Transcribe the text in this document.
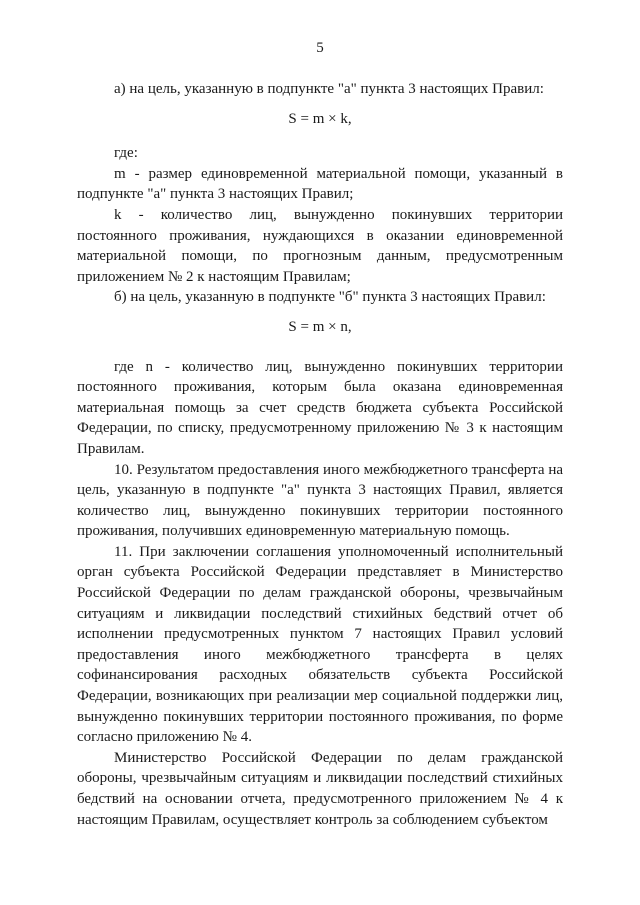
5

а) на цель, указанную в подпункте "а" пункта 3 настоящих Правил:

S = m × k,

где:

m - размер единовременной материальной помощи, указанный в подпункте "а" пункта 3 настоящих Правил;

k - количество лиц, вынужденно покинувших территории постоянного проживания, нуждающихся в оказании единовременной материальной помощи, по прогнозным данным, предусмотренным приложением № 2 к настоящим Правилам;

б) на цель, указанную в подпункте "б" пункта 3 настоящих Правил:

S = m × n,

где n - количество лиц, вынужденно покинувших территории постоянного проживания, которым была оказана единовременная материальная помощь за счет средств бюджета субъекта Российской Федерации, по списку, предусмотренному приложению № 3 к настоящим Правилам.

10. Результатом предоставления иного межбюджетного трансферта на цель, указанную в подпункте "а" пункта 3 настоящих Правил, является количество лиц, вынужденно покинувших территории постоянного проживания, получивших единовременную материальную помощь.

11. При заключении соглашения уполномоченный исполнительный орган субъекта Российской Федерации представляет в Министерство Российской Федерации по делам гражданской обороны, чрезвычайным ситуациям и ликвидации последствий стихийных бедствий отчет об исполнении предусмотренных пунктом 7 настоящих Правил условий предоставления иного межбюджетного трансферта в целях софинансирования расходных обязательств субъекта Российской Федерации, возникающих при реализации мер социальной поддержки лиц, вынужденно покинувших территории постоянного проживания, по форме согласно приложению № 4.

Министерство Российской Федерации по делам гражданской обороны, чрезвычайным ситуациям и ликвидации последствий стихийных бедствий на основании отчета, предусмотренного приложением № 4 к настоящим Правилам, осуществляет контроль за соблюдением субъектом
